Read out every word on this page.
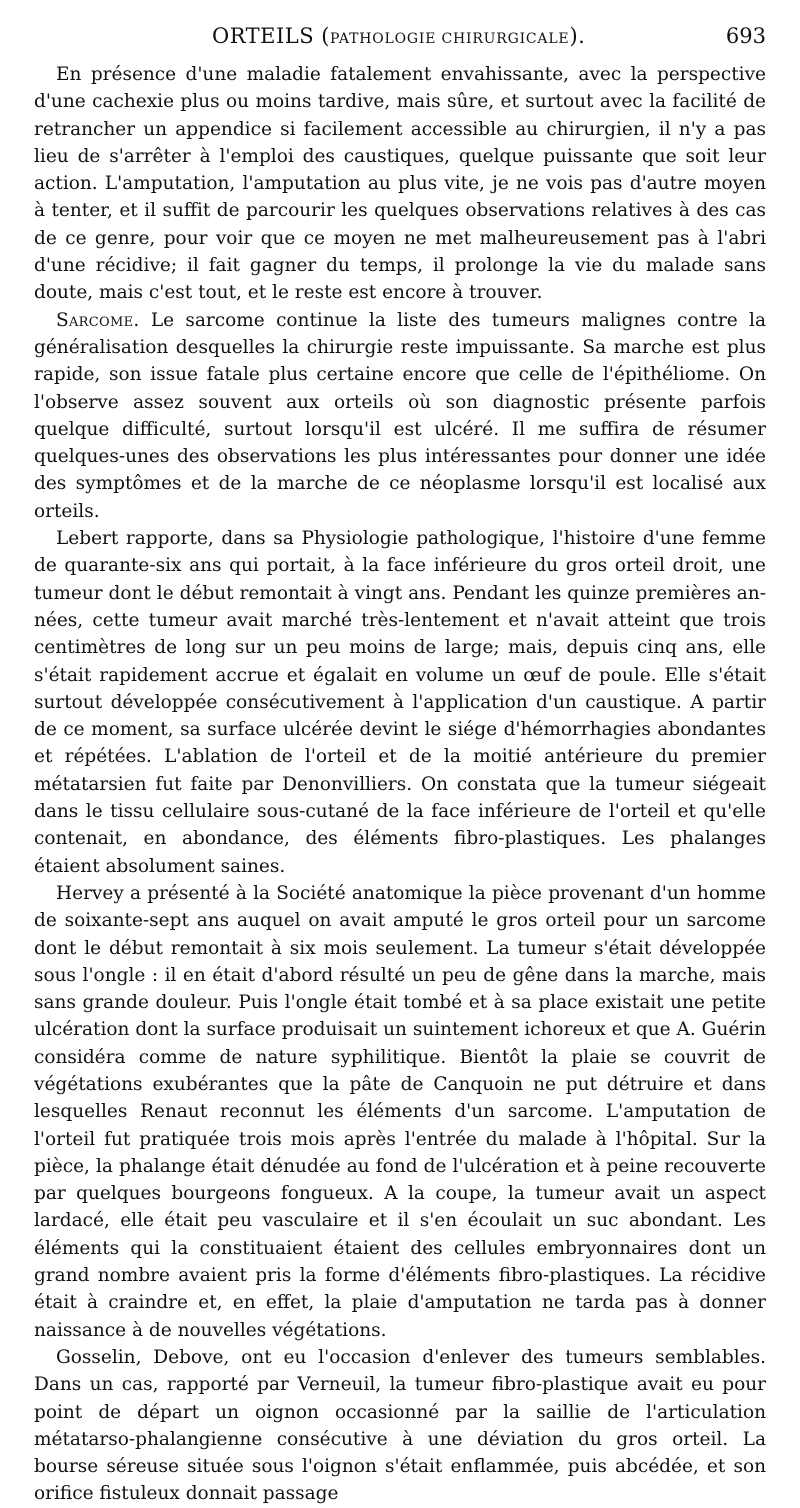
ORTEILS (PATHOLOGIE CHIRURGICALE).	693

En présence d'une maladie fatalement envahissante, avec la perspective d'une cachexie plus ou moins tardive, mais sûre, et surtout avec la facilité de retrancher un appendice si facilement accessible au chirurgien, il n'y a pas lieu de s'arrêter à l'emploi des caustiques, quelque puissante que soit leur action. L'amputation, l'amputation au plus vite, je ne vois pas d'autre moyen à tenter, et il suffit de parcourir les quelques observations relatives à des cas de ce genre, pour voir que ce moyen ne met malheureusement pas à l'abri d'une récidive; il fait gagner du temps, il prolonge la vie du malade sans doute, mais c'est tout, et le reste est encore à trouver.

Sarcome. Le sarcome continue la liste des tumeurs malignes contre la généralisation desquelles la chirurgie reste impuissante. Sa marche est plus rapide, son issue fatale plus certaine encore que celle de l'épithéliome. On l'observe assez souvent aux orteils où son diagnostic présente parfois quelque difficulté, surtout lorsqu'il est ulcéré. Il me suffira de résumer quelques-unes des observations les plus intéressantes pour donner une idée des symptômes et de la marche de ce néoplasme lorsqu'il est localisé aux orteils.

Lebert rapporte, dans sa Physiologie pathologique, l'histoire d'une femme de quarante-six ans qui portait, à la face inférieure du gros orteil droit, une tumeur dont le début remontait à vingt ans. Pendant les quinze premières années, cette tumeur avait marché très-lentement et n'avait atteint que trois centimètres de long sur un peu moins de large; mais, depuis cinq ans, elle s'était rapidement accrue et égalait en volume un œuf de poule. Elle s'était surtout développée consécutivement à l'application d'un caustique. A partir de ce moment, sa surface ulcérée devint le siége d'hémorrhagies abondantes et répétées. L'ablation de l'orteil et de la moitié antérieure du premier métatarsien fut faite par Denonvilliers. On constata que la tumeur siégeait dans le tissu cellulaire sous-cutané de la face inférieure de l'orteil et qu'elle contenait, en abondance, des éléments fibro-plastiques. Les phalanges étaient absolument saines.

Hervey a présenté à la Société anatomique la pièce provenant d'un homme de soixante-sept ans auquel on avait amputé le gros orteil pour un sarcome dont le début remontait à six mois seulement. La tumeur s'était développée sous l'ongle : il en était d'abord résulté un peu de gêne dans la marche, mais sans grande douleur. Puis l'ongle était tombé et à sa place existait une petite ulcération dont la surface produisait un suintement ichoreux et que A. Guérin considéra comme de nature syphilitique. Bientôt la plaie se couvrit de végétations exubérantes que la pâte de Canquoin ne put détruire et dans lesquelles Renaut reconnut les éléments d'un sarcome. L'amputation de l'orteil fut pratiquée trois mois après l'entrée du malade à l'hôpital. Sur la pièce, la phalange était dénudée au fond de l'ulcération et à peine recouverte par quelques bourgeons fongueux. A la coupe, la tumeur avait un aspect lardacé, elle était peu vasculaire et il s'en écoulait un suc abondant. Les éléments qui la constituaient étaient des cellules embryonnaires dont un grand nombre avaient pris la forme d'éléments fibro-plastiques. La récidive était à craindre et, en effet, la plaie d'amputation ne tarda pas à donner naissance à de nouvelles végétations.

Gosselin, Debove, ont eu l'occasion d'enlever des tumeurs semblables. Dans un cas, rapporté par Verneuil, la tumeur fibro-plastique avait eu pour point de départ un oignon occasionné par la saillie de l'articulation métatarso-phalangienne consécutive à une déviation du gros orteil. La bourse séreuse située sous l'oignon s'était enflammée, puis abcédée, et son orifice fistuleux donnait passage
